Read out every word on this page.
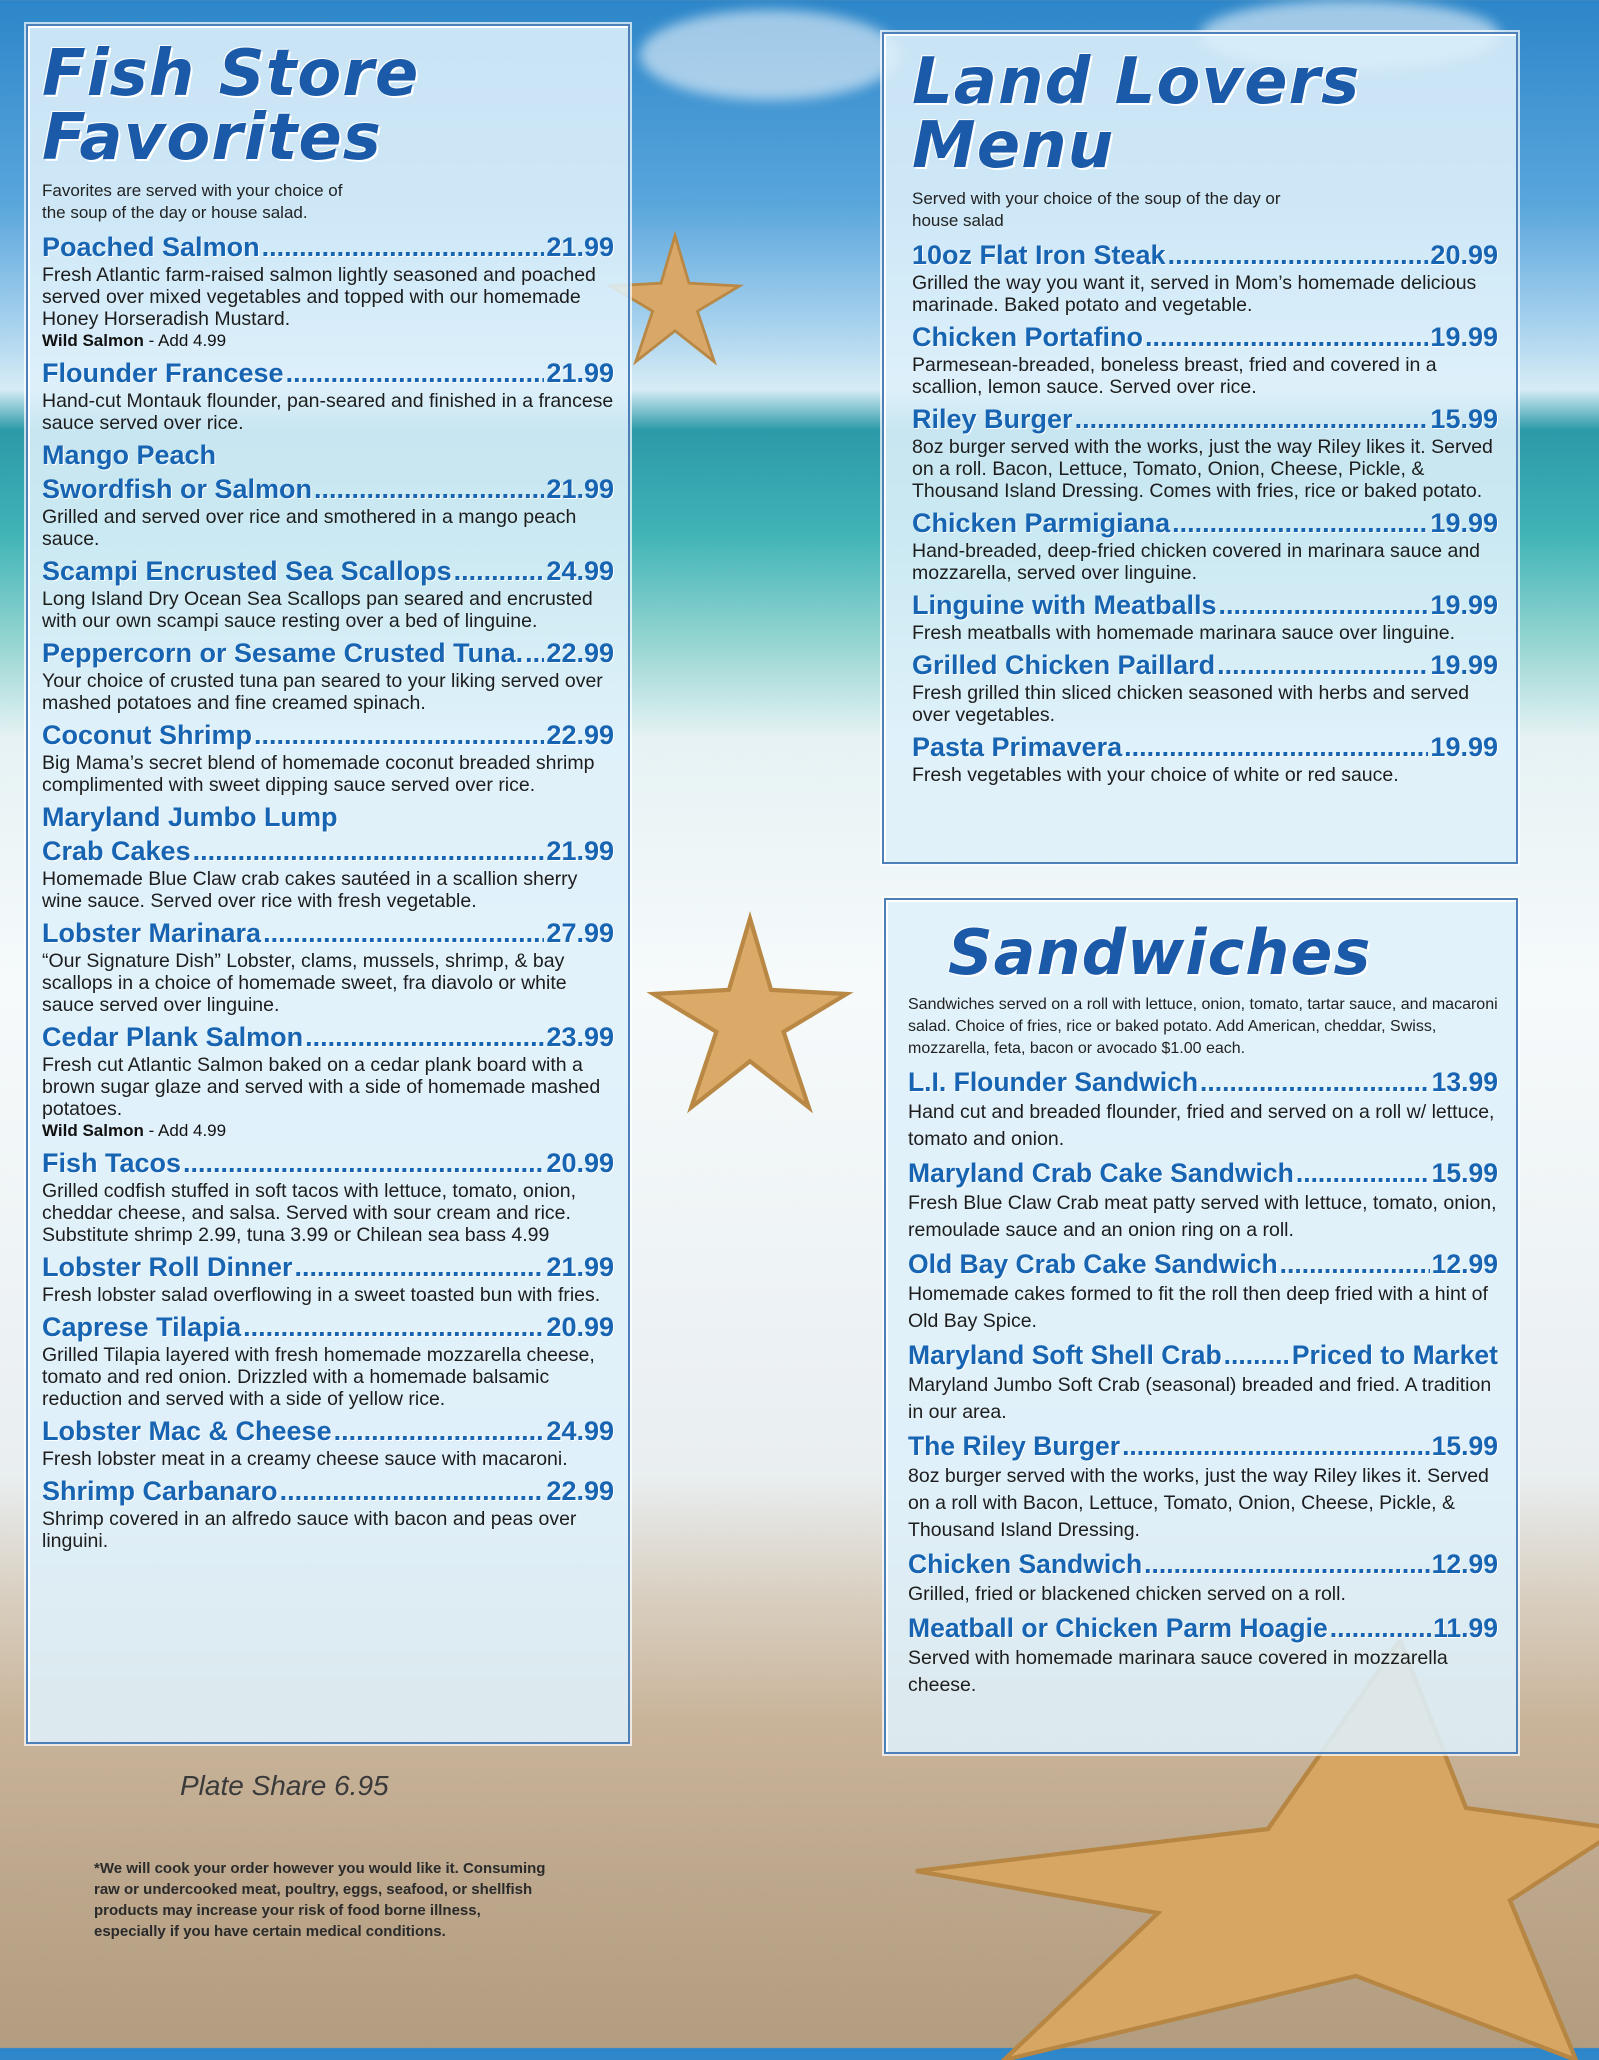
Fish Store Favorites
Favorites are served with your choice of
the soup of the day or house salad.
Poached Salmon .....	21.99
Fresh Atlantic farm-raised salmon lightly seasoned and poached served over mixed vegetables and topped with our homemade Honey Horseradish Mustard.
Wild Salmon - Add 4.99
Flounder Francese .....	21.99
Hand-cut Montauk flounder, pan-seared and finished in a francese sauce served over rice.
Mango Peach
Swordfish or Salmon .....	21.99
Grilled and served over rice and smothered in a mango peach sauce.
Scampi Encrusted Sea Scallops .....	24.99
Long Island Dry Ocean Sea Scallops pan seared and encrusted with our own scampi sauce resting over a bed of linguine.
Peppercorn or Sesame Crusted Tuna. ..... 22.99
Your choice of crusted tuna pan seared to your liking served over mashed potatoes and fine creamed spinach.
Coconut Shrimp .....	22.99
Big Mama’s secret blend of homemade coconut breaded shrimp complimented with sweet dipping sauce served over rice.
Maryland Jumbo Lump
Crab Cakes .....	21.99
Homemade Blue Claw crab cakes sautéed in a scallion sherry wine sauce. Served over rice with fresh vegetable.
Lobster Marinara .....	27.99
“Our Signature Dish” Lobster, clams, mussels, shrimp, & bay scallops in a choice of homemade sweet, fra diavolo or white sauce served over linguine.
Cedar Plank Salmon .....	23.99
Fresh cut Atlantic Salmon baked on a cedar plank board with a brown sugar glaze and served with a side of homemade mashed potatoes.
Wild Salmon - Add 4.99
Fish Tacos .....	20.99
Grilled codfish stuffed in soft tacos with lettuce, tomato, onion, cheddar cheese, and salsa. Served with sour cream and rice. Substitute shrimp 2.99, tuna 3.99 or Chilean sea bass 4.99
Lobster Roll Dinner .....	21.99
Fresh lobster salad overflowing in a sweet toasted bun with fries.
Caprese Tilapia .....	20.99
Grilled Tilapia layered with fresh homemade mozzarella cheese, tomato and red onion. Drizzled with a homemade balsamic reduction and served with a side of yellow rice.
Lobster Mac & Cheese .....	24.99
Fresh lobster meat in a creamy cheese sauce with macaroni.
Shrimp Carbanaro .....	22.99
Shrimp covered in an alfredo sauce with bacon and peas over linguini.
Land Lovers Menu
Served with your choice of the soup of the day or
house salad
10oz Flat Iron Steak .....	20.99
Grilled the way you want it, served in Mom’s homemade delicious marinade. Baked potato and vegetable.
Chicken Portafino .....	19.99
Parmesean-breaded, boneless breast, fried and covered in a scallion, lemon sauce. Served over rice.
Riley Burger .....	15.99
8oz burger served with the works, just the way Riley likes it. Served on a roll. Bacon, Lettuce, Tomato, Onion, Cheese, Pickle, & Thousand Island Dressing. Comes with fries, rice or baked potato.
Chicken Parmigiana .....	19.99
Hand-breaded, deep-fried chicken covered in marinara sauce and mozzarella, served over linguine.
Linguine with Meatballs .....	19.99
Fresh meatballs with homemade marinara sauce over linguine.
Grilled Chicken Paillard .....	19.99
Fresh grilled thin sliced chicken seasoned with herbs and served over vegetables.
Pasta Primavera .....	19.99
Fresh vegetables with your choice of white or red sauce.
Sandwiches
Sandwiches served on a roll with lettuce, onion, tomato, tartar sauce, and macaroni salad. Choice of fries, rice or baked potato. Add American, cheddar, Swiss, mozzarella, feta, bacon or avocado $1.00 each.
L.I. Flounder Sandwich .....	13.99
Hand cut and breaded flounder, fried and served on a roll w/ lettuce, tomato and onion.
Maryland Crab Cake Sandwich .....	15.99
Fresh Blue Claw Crab meat patty served with lettuce, tomato, onion, remoulade sauce and an onion ring on a roll.
Old Bay Crab Cake Sandwich .....	12.99
Homemade cakes formed to fit the roll then deep fried with a hint of Old Bay Spice.
Maryland Soft Shell Crab .....	Priced to Market
Maryland Jumbo Soft Crab (seasonal) breaded and fried. A tradition in our area.
The Riley Burger .....	15.99
8oz burger served with the works, just the way Riley likes it. Served on a roll with Bacon, Lettuce, Tomato, Onion, Cheese, Pickle, & Thousand Island Dressing.
Chicken Sandwich .....	12.99
Grilled, fried or blackened chicken served on a roll.
Meatball or Chicken Parm Hoagie .....	11.99
Served with homemade marinara sauce covered in mozzarella cheese.
Plate Share 6.95
*We will cook your order however you would like it. Consuming raw or undercooked meat, poultry, eggs, seafood, or shellfish products may increase your risk of food borne illness, especially if you have certain medical conditions.
